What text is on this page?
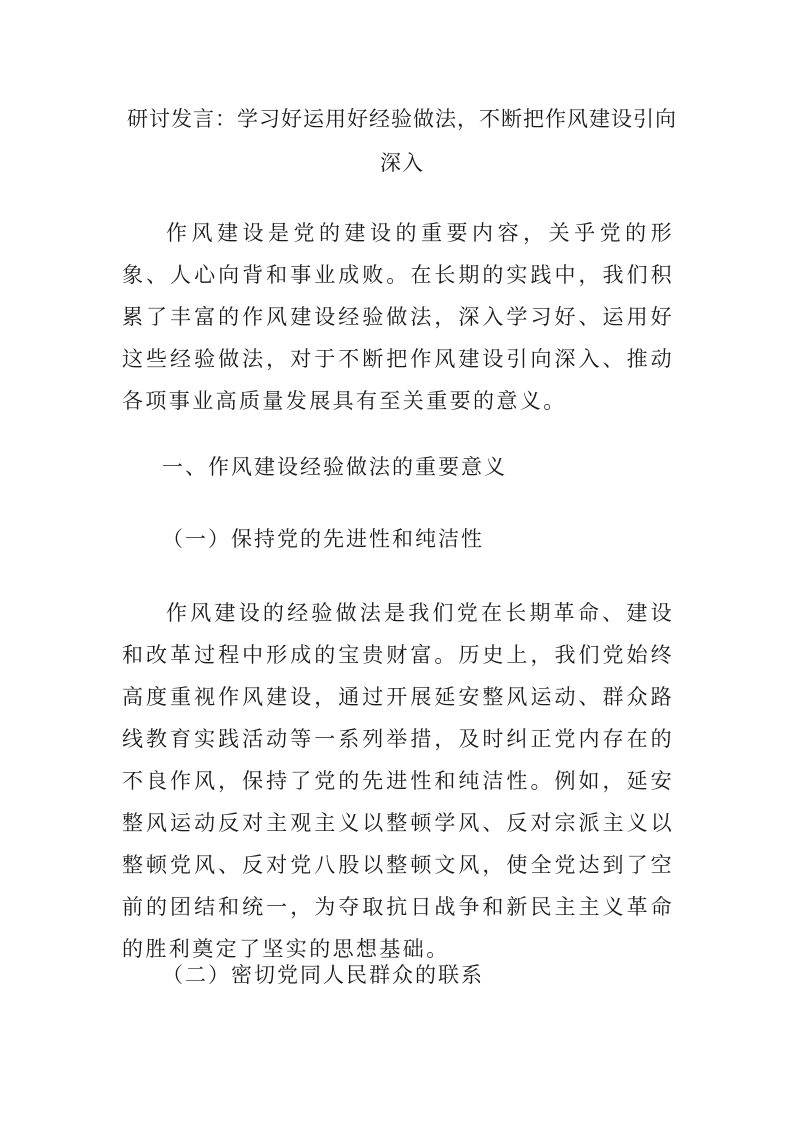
研讨发言：学习好运用好经验做法，不断把作风建设引向深入

作风建设是党的建设的重要内容，关乎党的形象、人心向背和事业成败。在长期的实践中，我们积累了丰富的作风建设经验做法，深入学习好、运用好这些经验做法，对于不断把作风建设引向深入、推动各项事业高质量发展具有至关重要的意义。

一、作风建设经验做法的重要意义
（一）保持党的先进性和纯洁性

作风建设的经验做法是我们党在长期革命、建设和改革过程中形成的宝贵财富。历史上，我们党始终高度重视作风建设，通过开展延安整风运动、群众路线教育实践活动等一系列举措，及时纠正党内存在的不良作风，保持了党的先进性和纯洁性。例如，延安整风运动反对主观主义以整顿学风、反对宗派主义以整顿党风、反对党八股以整顿文风，使全党达到了空前的团结和统一，为夺取抗日战争和新民主主义革命的胜利奠定了坚实的思想基础。

（二）密切党同人民群众的联系
